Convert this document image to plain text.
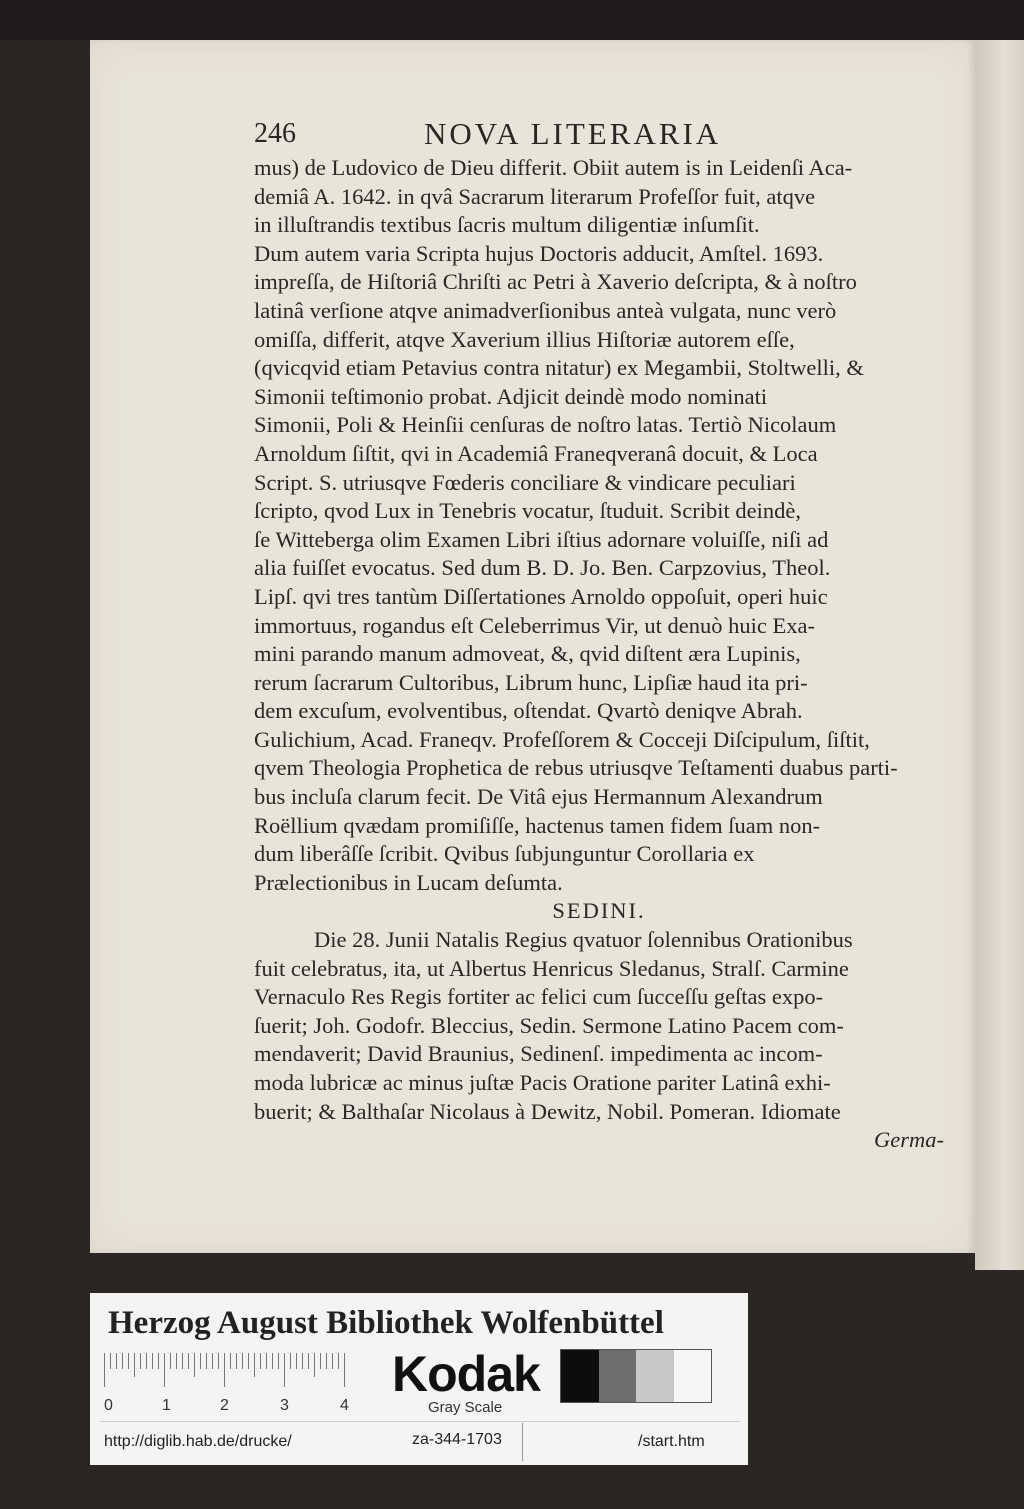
246	NOVA LITERARIA
mus) de Ludovico de Dieu differit. Obiit autem is in Leidenſi Aca-
demiâ A. 1642. in qvâ Sacrarum literarum Profeſſor fuit, atqve
in illuſtrandis textibus ſacris multum diligentiæ inſumſit.
Dum autem varia Scripta hujus Doctoris adducit, Amſtel. 1693.
impreſſa, de Hiſtoriâ Chriſti ac Petri à Xaverio deſcripta, & à noſtro
latinâ verſione atqve animadverſionibus anteà vulgata, nunc verò
omiſſa, differit, atqve Xaverium illius Hiſtoriæ autorem eſſe,
(qvicqvid etiam Petavius contra nitatur) ex Megambii, Stoltwelli, &
Simonii teſtimonio probat. Adjicit deindè modo nominati
Simonii, Poli & Heinſii cenſuras de noſtro latas. Tertiò Nicolaum
Arnoldum ſiſtit, qvi in Academiâ Franeqveranâ docuit, & Loca
Script. S. utriusqve Fœderis conciliare & vindicare peculiari
ſcripto, qvod Lux in Tenebris vocatur, ſtuduit. Scribit deindè,
ſe Witteberga olim Examen Libri iſtius adornare voluiſſe, niſi ad
alia fuiſſet evocatus. Sed dum B. D. Jo. Ben. Carpzovius, Theol.
Lipſ. qvi tres tantùm Diſſertationes Arnoldo oppoſuit, operi huic
immortuus, rogandus eſt Celeberrimus Vir, ut denuò huic Exa-
mini parando manum admoveat, &, qvid diſtent æra Lupinis,
rerum ſacrarum Cultoribus, Librum hunc, Lipſiæ haud ita pri-
dem excuſum, evolventibus, oſtendat. Qvartò deniqve Abrah.
Gulichium, Acad. Franeqv. Profeſſorem & Cocceji Diſcipulum, ſiſtit,
qvem Theologia Prophetica de rebus utriusqve Teſtamenti duabus parti-
bus incluſa clarum fecit. De Vitâ ejus Hermannum Alexandrum
Roëllium qvædam promiſiſſe, hactenus tamen fidem ſuam non-
dum liberâſſe ſcribit. Qvibus ſubjunguntur Corollaria ex
Prælectionibus in Lucam deſumta.
SEDINI.
Die 28. Junii Natalis Regius qvatuor ſolennibus Orationibus
fuit celebratus, ita, ut Albertus Henricus Sledanus, Stralſ. Carmine
Vernaculo Res Regis fortiter ac felici cum ſucceſſu geſtas expo-
ſuerit; Joh. Godofr. Bleccius, Sedin. Sermone Latino Pacem com-
mendaverit; David Braunius, Sedinenſ. impedimenta ac incom-
moda lubricæ ac minus juſtæ Pacis Oratione pariter Latinâ exhi-
buerit; & Balthaſar Nicolaus à Dewitz, Nobil. Pomeran. Idiomate
Germa-
Herzog August Bibliothek Wolfenbüttel
0	1	2	3	4
Kodak
Gray Scale
http://diglib.hab.de/drucke/	za-344-1703	/start.htm
